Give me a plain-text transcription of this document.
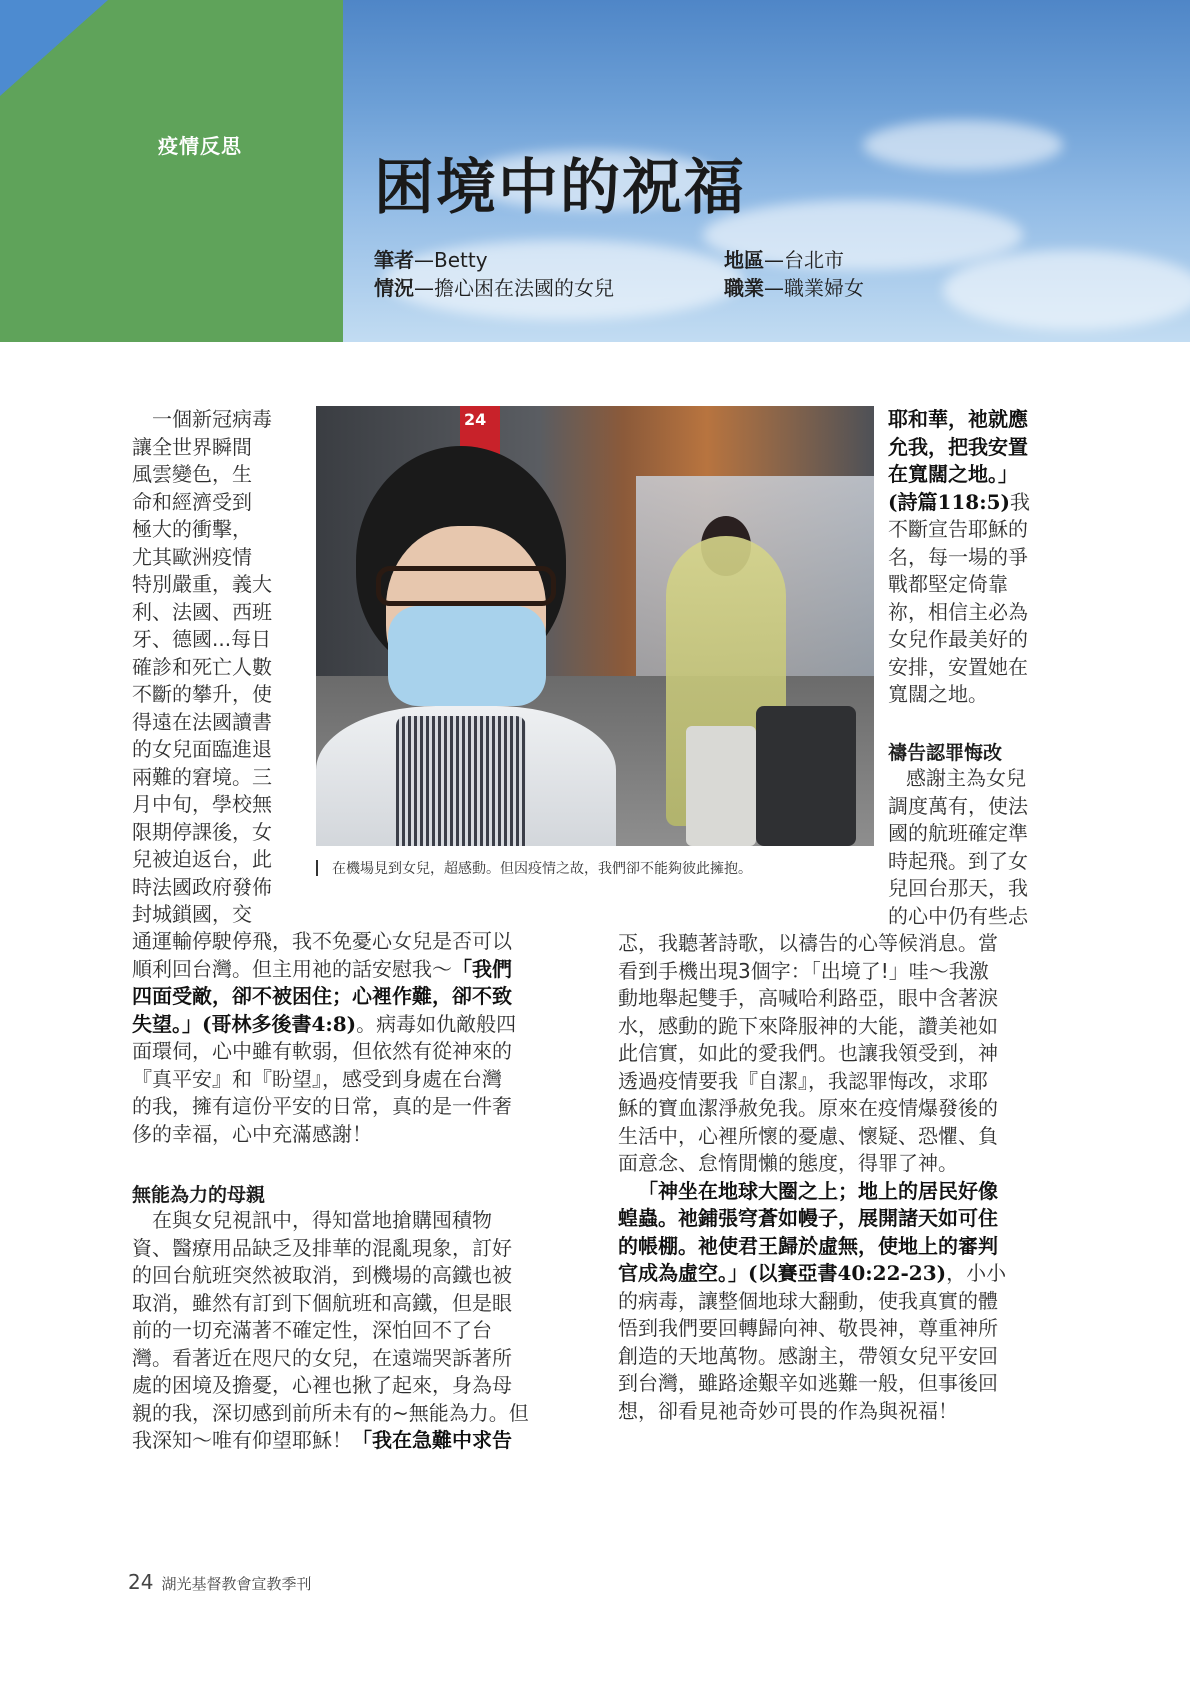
疫情反思
困境中的祝福
筆者—Betty
情況—擔心困在法國的女兒
地區—台北市
職業—職業婦女
24
在機場見到女兒，超感動。但因疫情之故，我們卻不能夠彼此擁抱。

一個新冠病毒

讓全世界瞬間

風雲變色，生

命和經濟受到

極大的衝擊，

尤其歐洲疫情

特別嚴重，義大

利、法國、西班

牙、德國...每日

確診和死亡人數

不斷的攀升，使

得遠在法國讀書

的女兒面臨進退

兩難的窘境。三

月中旬，學校無

限期停課後，女

兒被迫返台，此

時法國政府發佈

封城鎖國，交

通運輸停駛停飛，我不免憂心女兒是否可以

順利回台灣。但主用祂的話安慰我～「我們

四面受敵，卻不被困住；心裡作難，卻不致

失望。」(哥林多後書4:8)。病毒如仇敵般四

面環伺，心中雖有軟弱，但依然有從神來的

『真平安』和『盼望』，感受到身處在台灣

的我，擁有這份平安的日常，真的是一件奢

侈的幸福，心中充滿感謝！

無能為力的母親

在與女兒視訊中，得知當地搶購囤積物

資、醫療用品缺乏及排華的混亂現象，訂好

的回台航班突然被取消，到機場的高鐵也被

取消，雖然有訂到下個航班和高鐵，但是眼

前的一切充滿著不確定性，深怕回不了台

灣。看著近在咫尺的女兒，在遠端哭訴著所

處的困境及擔憂，心裡也揪了起來，身為母

親的我，深切感到前所未有的~無能為力。但

我深知～唯有仰望耶穌！「我在急難中求告

耶和華，祂就應

允我，把我安置

在寬闊之地。」

(詩篇118:5)我

不斷宣告耶穌的

名，每一場的爭

戰都堅定倚靠

祢，相信主必為

女兒作最美好的

安排，安置她在

寬闊之地。

禱告認罪悔改

感謝主為女兒

調度萬有，使法

國的航班確定準

時起飛。到了女

兒回台那天，我

的心中仍有些忐

忑，我聽著詩歌，以禱告的心等候消息。當

看到手機出現3個字：「出境了!」哇～我激

動地舉起雙手，高喊哈利路亞，眼中含著淚

水，感動的跪下來降服神的大能，讚美祂如

此信實，如此的愛我們。也讓我領受到，神

透過疫情要我『自潔』，我認罪悔改，求耶

穌的寶血潔淨赦免我。原來在疫情爆發後的

生活中，心裡所懷的憂慮、懷疑、恐懼、負

面意念、怠惰閒懶的態度，得罪了神。

「神坐在地球大圈之上；地上的居民好像

蝗蟲。祂鋪張穹蒼如幔子，展開諸天如可住

的帳棚。祂使君王歸於虛無，使地上的審判

官成為虛空。」(以賽亞書40:22-23)，小小

的病毒，讓整個地球大翻動，使我真實的體

悟到我們要回轉歸向神、敬畏神，尊重神所

創造的天地萬物。感謝主，帶領女兒平安回

到台灣，雖路途艱辛如逃難一般，但事後回

想，卻看見祂奇妙可畏的作為與祝福！

24 湖光基督教會宣教季刊
